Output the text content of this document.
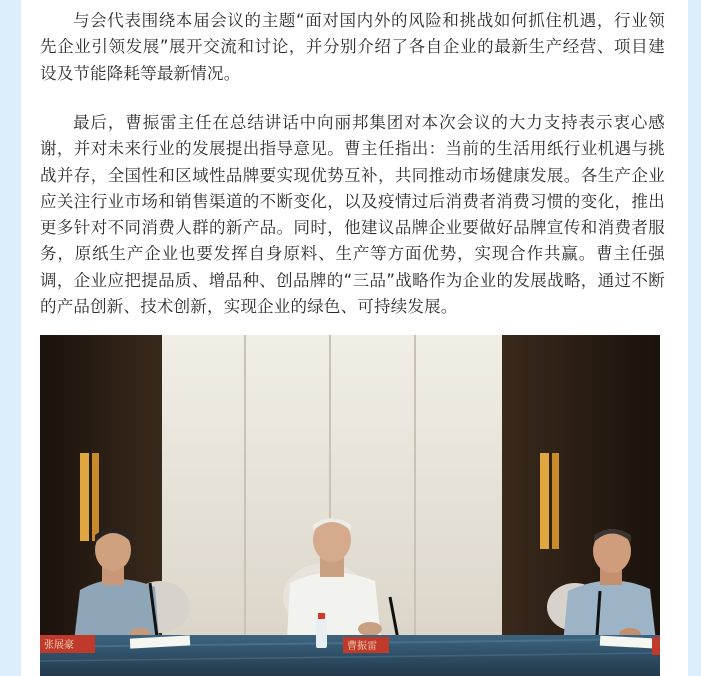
与会代表围绕本届会议的主题“面对国内外的风险和挑战如何抓住机遇，行业领先企业引领发展”展开交流和讨论，并分别介绍了各自企业的最新生产经营、项目建设及节能降耗等最新情况。

最后，曹振雷主任在总结讲话中向丽邦集团对本次会议的大力支持表示衷心感谢，并对未来行业的发展提出指导意见。曹主任指出：当前的生活用纸行业机遇与挑战并存，全国性和区域性品牌要实现优势互补，共同推动市场健康发展。各生产企业应关注行业市场和销售渠道的不断变化，以及疫情过后消费者消费习惯的变化，推出更多针对不同消费人群的新产品。同时，他建议品牌企业要做好品牌宣传和消费者服务，原纸生产企业也要发挥自身原料、生产等方面优势，实现合作共赢。曹主任强调，企业应把提品质、增品种、创品牌的“三品”战略作为企业的发展战略，通过不断的产品创新、技术创新，实现企业的绿色、可持续发展。

张展豪	曹振雷
